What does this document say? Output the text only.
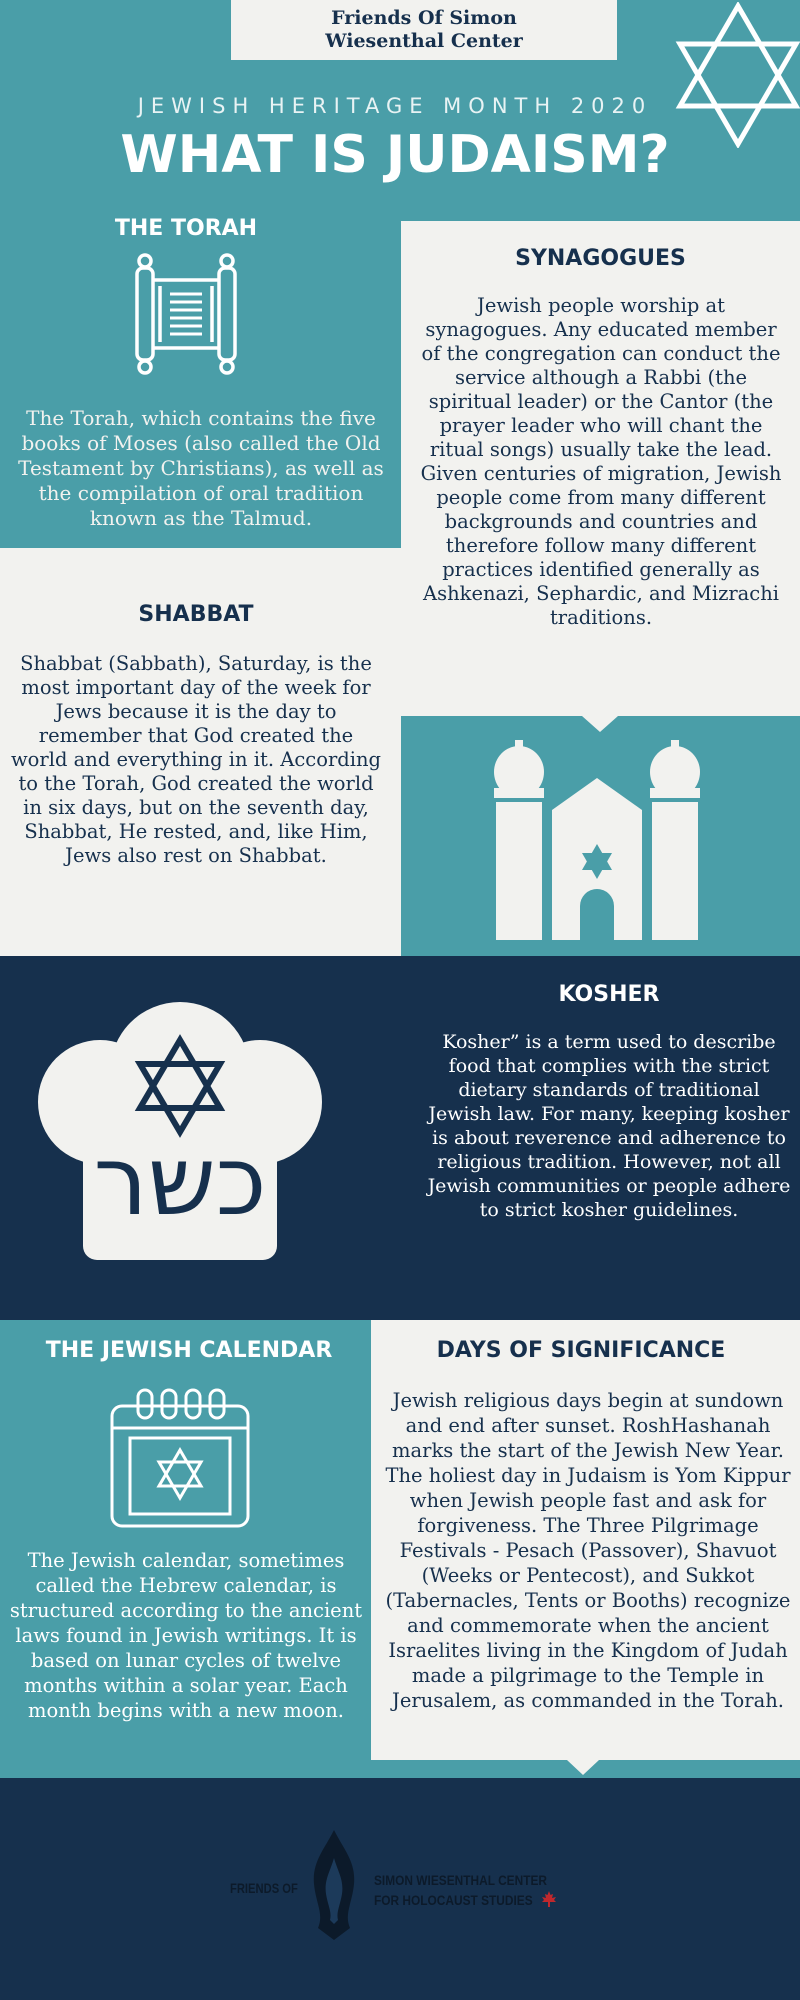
Friends Of Simon Wiesenthal Center
JEWISH HERITAGE MONTH 2020
WHAT IS JUDAISM?
THE TORAH
The Torah, which contains the five books of Moses (also called the Old Testament by Christians), as well as the compilation of oral tradition known as the Talmud.
SYNAGOGUES
Jewish people worship at synagogues. Any educated member of the congregation can conduct the service although a Rabbi (the spiritual leader) or the Cantor (the prayer leader who will chant the ritual songs) usually take the lead. Given centuries of migration, Jewish people come from many different backgrounds and countries and therefore follow many different practices identified generally as Ashkenazi, Sephardic, and Mizrachi traditions.
SHABBAT
Shabbat (Sabbath), Saturday, is the most important day of the week for Jews because it is the day to remember that God created the world and everything in it. According to the Torah, God created the world in six days, but on the seventh day, Shabbat, He rested, and, like Him, Jews also rest on Shabbat.
KOSHER
Kosher” is a term used to describe food that complies with the strict dietary standards of traditional Jewish law. For many, keeping kosher is about reverence and adherence to religious tradition. However, not all Jewish communities or people adhere to strict kosher guidelines.
כשר
THE JEWISH CALENDAR
The Jewish calendar, sometimes called the Hebrew calendar, is structured according to the ancient laws found in Jewish writings. It is based on lunar cycles of twelve months within a solar year. Each month begins with a new moon.
DAYS OF SIGNIFICANCE
Jewish religious days begin at sundown and end after sunset. RoshHashanah marks the start of the Jewish New Year. The holiest day in Judaism is Yom Kippur when Jewish people fast and ask for forgiveness. The Three Pilgrimage Festivals - Pesach (Passover), Shavuot (Weeks or Pentecost), and Sukkot (Tabernacles, Tents or Booths) recognize and commemorate when the ancient Israelites living in the Kingdom of Judah made a pilgrimage to the Temple in Jerusalem, as commanded in the Torah.
FRIENDS OF	SIMON WIESENTHAL CENTER
FOR HOLOCAUST STUDIES
